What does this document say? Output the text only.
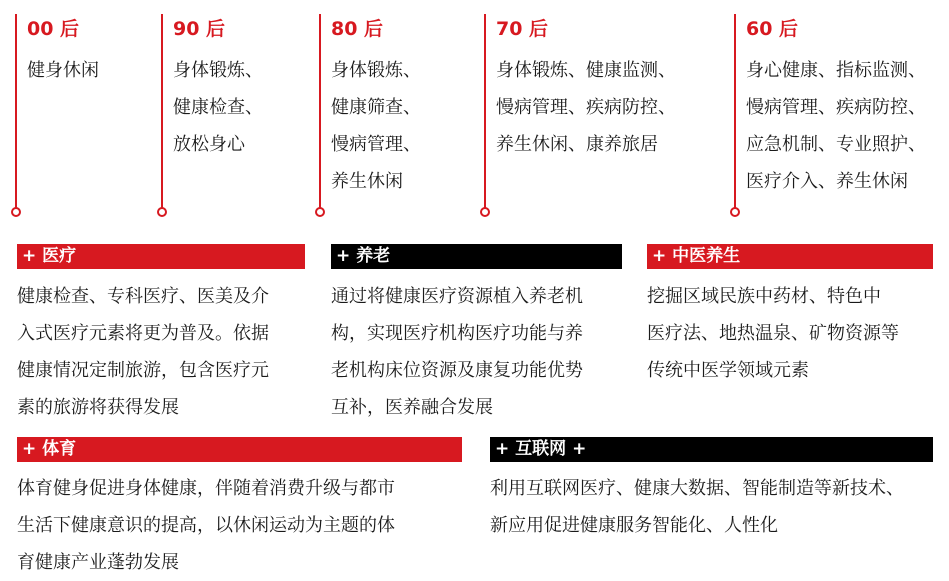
00 后
健身休闲
90 后
身体锻炼、
健康检查、
放松身心
80 后
身体锻炼、
健康筛查、
慢病管理、
养生休闲
70 后
身体锻炼、健康监测、
慢病管理、疾病防控、
养生休闲、康养旅居
60 后
身心健康、指标监测、
慢病管理、疾病防控、
应急机制、专业照护、
医疗介入、养生休闲
+ 医疗
健康检查、专科医疗、医美及介
入式医疗元素将更为普及。依据
健康情况定制旅游，包含医疗元
素的旅游将获得发展
+ 养老
通过将健康医疗资源植入养老机
构，实现医疗机构医疗功能与养
老机构床位资源及康复功能优势
互补，医养融合发展
+ 中医养生
挖掘区域民族中药材、特色中
医疗法、地热温泉、矿物资源等
传统中医学领域元素
+ 体育
体育健身促进身体健康，伴随着消费升级与都市
生活下健康意识的提高，以休闲运动为主题的体
育健康产业蓬勃发展
+ 互联网 +
利用互联网医疗、健康大数据、智能制造等新技术、
新应用促进健康服务智能化、人性化
